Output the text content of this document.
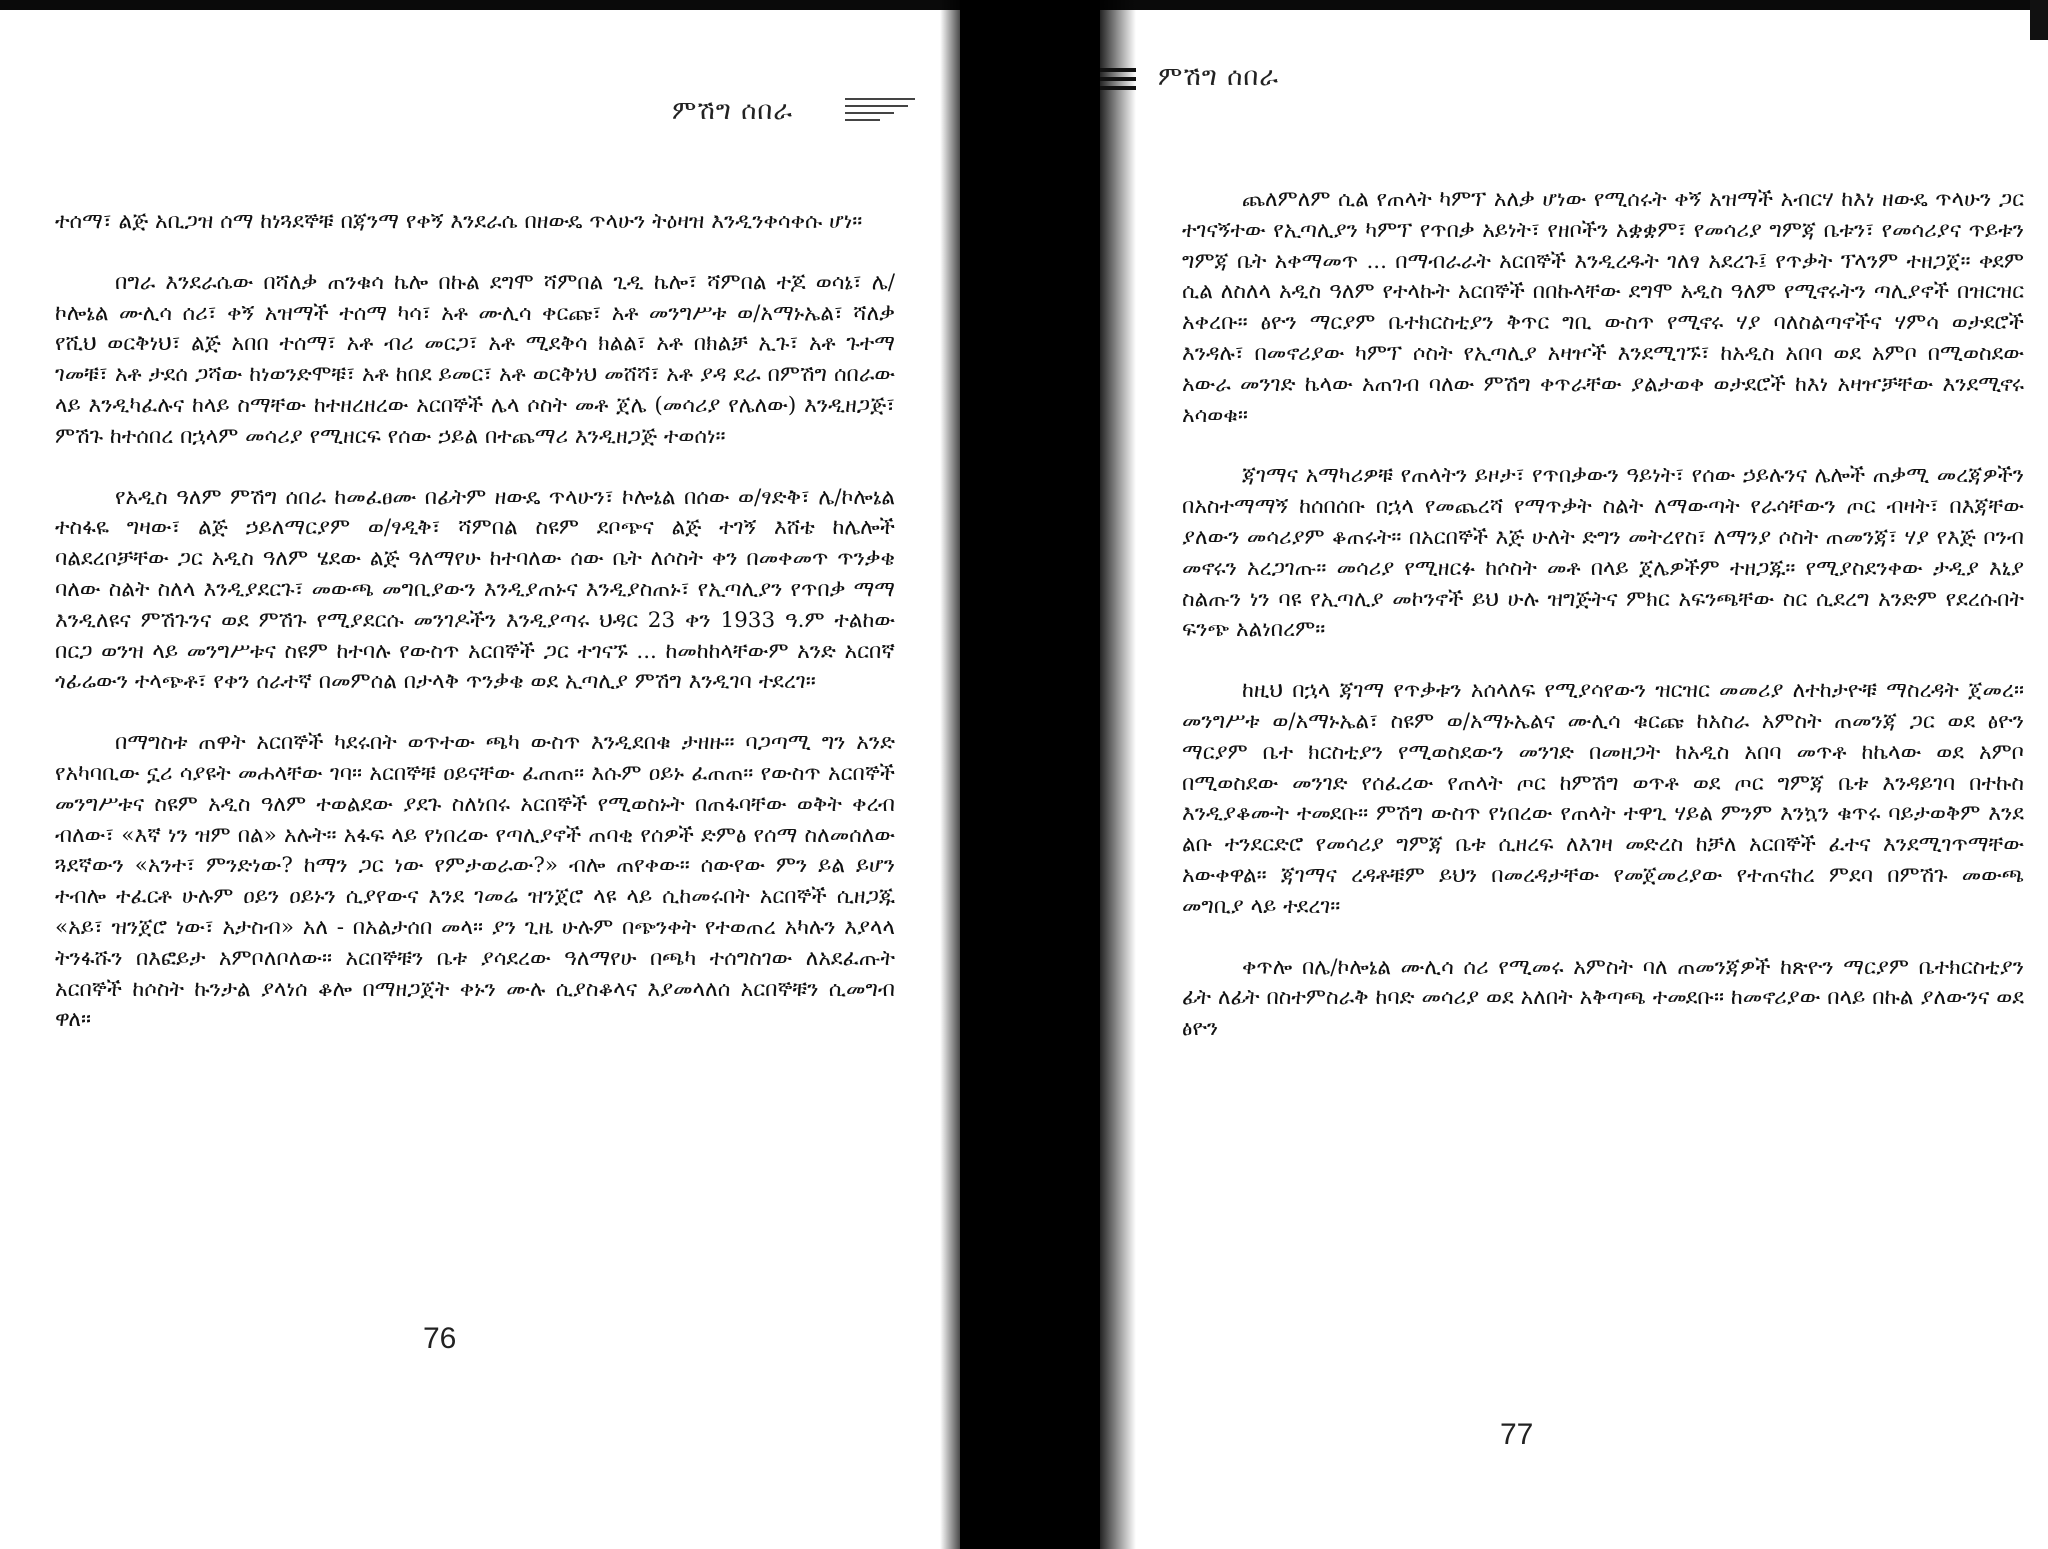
ምሽግ ሰበራ

ተሰማ፣ ልጅ አቢጋዝ ሰማ ከነጓደኞቹ በጃንማ የቀኝ እንደራሴ በዘውዴ ጥላሁን ትዕዛዝ እንዲንቀሳቀሱ ሆነ።

በግራ እንደራሴው በሻለቃ ጠንቁሳ ኬሎ በኩል ደግሞ ሻምበል ጊዲ ኬሎ፣ ሻምበል ተጆ ወሳኔ፣ ሌ/ኮሎኔል ሙሊሳ ሰሪ፣ ቀኝ አዝማች ተሰማ ካሳ፣ አቶ ሙሊሳ ቀርጩ፣ አቶ መንግሥቱ ወ/አማኑኤል፣ ሻለቃ የሺህ ወርቅነህ፣ ልጅ አበበ ተሰማ፣ አቶ ብሪ መርጋ፣ አቶ ሚደቅሳ ክልል፣ አቶ በክልቻ ኢጉ፣ አቶ ጉተማ ገመቹ፣ አቶ ታደሰ ጋሻው ከነወንድሞቹ፣ አቶ ከበደ ይመር፣ አቶ ወርቅነህ መሸሻ፣ አቶ ያዳ ደራ በምሽግ ሰበራው ላይ እንዲካፈሉና ከላይ ስማቸው ከተዘረዘረው አርበኞች ሌላ ሶስት መቶ ጀሌ (መሳሪያ የሌለው) እንዲዘጋጅ፣ ምሽጉ ከተሰበረ በኋላም መሳሪያ የሚዘርፍ የሰው ኃይል በተጨማሪ እንዲዘጋጅ ተወሰነ።

የአዲስ ዓለም ምሽግ ሰበራ ከመፈፀሙ በፊትም ዘውዴ ጥላሁን፣ ኮሎኔል በሰው ወ/ፃድቅ፣ ሌ/ኮሎኔል ተስፋዬ ግዛው፣ ልጅ ኃይለማርያም ወ/ፃዲቅ፣ ሻምበል ስዩም ደቦጭና ልጅ ተገኝ እሸቴ ከሌሎች ባልደረቦቻቸው ጋር አዲስ ዓለም ሄደው ልጅ ዓለማየሁ ከተባለው ሰው ቤት ለሶስት ቀን በመቀመጥ ጥንቃቄ ባለው ስልት ስለላ እንዲያደርጉ፣ መውጫ መግቢያውን እንዲያጠኑና እንዲያስጠኑ፣ የኢጣሊያን የጥበቃ ማማ እንዲለዩና ምሽጉንና ወደ ምሽጉ የሚያደርሱ መንገዶችን እንዲያጣሩ ህዳር 23 ቀን 1933 ዓ.ም ተልከው በርጋ ወንዝ ላይ መንግሥቱና ስዩም ከተባሉ የውስጥ አርበኞች ጋር ተገናኙ ... ከመከከላቸውም አንድ አርበኛ ጎፊሬውን ተላጭቶ፣ የቀን ሰራተኛ በመምሰል በታላቅ ጥንቃቄ ወደ ኢጣሊያ ምሽግ እንዲገባ ተደረገ።

በማግስቱ ጠዋት አርበኞች ካደሩበት ወጥተው ጫካ ውስጥ እንዲደበቁ ታዘዙ። ባጋጣሚ ግን አንድ የአካባቢው ኗሪ ሳያዩት መሐላቸው ገባ። አርበኞቹ ዐይናቸው ፈጠጠ። እሱም ዐይኑ ፈጠጠ። የውስጥ አርበኞች መንግሥቱና ስዩም አዲስ ዓለም ተወልደው ያደጉ ስለነበሩ አርበኞች የሚወስኑት በጠፋባቸው ወቅት ቀረብ ብለው፣ «እኛ ነን ዝም በል» አሉት። አፋፍ ላይ የነበረው የጣሊያኖች ጠባቂ የሰዎች ድምፅ የሰማ ስለመሰለው ጓደኛውን «አንተ፣ ምንድነው? ከማን ጋር ነው የምታወራው?» ብሎ ጠየቀው። ሰውየው ምን ይል ይሆን ተብሎ ተፈርቶ ሁሉም ዐይን ዐይኑን ሲያየውና እንደ ገመሬ ዝንጀሮ ላዩ ላይ ሲከመሩበት አርበኞች ሲዘጋጁ «አይ፣ ዝንጀሮ ነው፣ አታስብ» አለ - በአልታሰበ መላ። ያን ጊዜ ሁሉም በጭንቀት የተወጠረ አካሉን እያላላ ትንፋሹን በእፎይታ አምቦለቦለው። አርበኞቹን ቤቱ ያሳደረው ዓለማየሁ በጫካ ተሰግስገው ለአደፈጡት አርበኞች ከሶስት ኩንታል ያላነሰ ቆሎ በማዘጋጀት ቀኑን ሙሉ ሲያስቆላና እያመላለሰ አርበኞቹን ሲመግብ ዋለ።

76
ምሽግ ሰበራ

ጨለምለም ሲል የጠላት ካምፕ አለቃ ሆነው የሚሰሩት ቀኝ አዝማች አብርሃ ከእነ ዘውዴ ጥላሁን ጋር ተገናኝተው የኢጣሊያን ካምፕ የጥበቃ አይነት፣ የዘቦችን አቋቋም፣ የመሳሪያ ግምጃ ቤቱን፣ የመሳሪያና ጥይቱን ግምጃ ቤት አቀማመጥ ... በማብራራት አርበኞች እንዲረዱት ገለፃ አደረጉ፤ የጥቃት ፕላንም ተዘጋጀ። ቀደም ሲል ለስለላ አዲስ ዓለም የተላኩት አርበኞች በበኩላቸው ደግሞ አዲስ ዓለም የሚኖሩትን ጣሊያኖች በዝርዝር አቀረቡ። ፅዮን ማርያም ቤተክርስቲያን ቅጥር ግቢ ውስጥ የሚኖሩ ሃያ ባለስልጣኖችና ሃምሳ ወታደሮች እንዳሉ፣ በመኖሪያው ካምፕ ሶስት የኢጣሊያ አዛዦች እንደሚገኙ፣ ከአዲስ አበባ ወደ አምቦ በሚወስደው አውራ መንገድ ኬላው አጠገብ ባለው ምሽግ ቀጥራቸው ያልታወቀ ወታደሮች ከእነ አዛዦቻቸው እንደሚኖሩ አሳወቁ።

ጃገማና አማካሪዎቹ የጠላትን ይዞታ፣ የጥበቃውን ዓይነት፣ የሰው ኃይሉንና ሌሎች ጠቃሚ መረጃዎችን በአስተማማኝ ከሰበሰቡ በኋላ የመጨረሻ የማጥቃት ስልት ለማውጣት የራሳቸውን ጦር ብዛት፣ በእጃቸው ያለውን መሳሪያም ቆጠሩት። በአርበኞች እጅ ሁለት ድግን መትረየስ፣ ለማንያ ሶስት ጠመንጃ፣ ሃያ የእጅ ቦንብ መኖሩን አረጋገጡ። መሳሪያ የሚዘርፉ ከሶስት መቶ በላይ ጀሌዎችም ተዘጋጁ። የሚያስደንቀው ታዲያ እኒያ ስልጡን ነን ባዩ የኢጣሊያ መኮንኖች ይህ ሁሉ ዝግጅትና ምክር አፍንጫቸው ስር ሲደረግ አንድም የደረሱበት ፍንጭ አልነበረም።

ከዚህ በኋላ ጃገማ የጥቃቱን አሰላለፍ የሚያሳየውን ዝርዝር መመሪያ ለተከታዮቹ ማስረዳት ጀመረ። መንግሥቱ ወ/አማኑኤል፣ ስዩም ወ/አማኑኤልና ሙሊሳ ቁርጩ ከአስራ አምስት ጠመንጃ ጋር ወደ ፅዮን ማርያም ቤተ ክርስቲያን የሚወስደውን መንገድ በመዘጋት ከአዲስ አበባ መጥቶ ከኬላው ወደ አምቦ በሚወስደው መንገድ የሰፈረው የጠላት ጦር ከምሽግ ወጥቶ ወደ ጦር ግምጃ ቤቱ እንዳይገባ በተኩስ እንዲያቆሙት ተመደቡ። ምሽግ ውስጥ የነበረው የጠላት ተዋጊ ሃይል ምንም እንኳን ቁጥሩ ባይታወቅም እንደ ልቡ ተንደርድሮ የመሳሪያ ግምጃ ቤቱ ሲዘረፍ ለእገዛ መድረስ ከቻለ አርበኞች ፈተና እንደሚገጥማቸው አውቀዋል። ጃገማና ረዳቶቹም ይህን በመረዳታቸው የመጀመሪያው የተጠናከረ ምደባ በምሽጉ መውጫ መግቢያ ላይ ተደረገ።

ቀጥሎ በሌ/ኮሎኔል ሙሊሳ ሰሪ የሚመሩ አምስት ባለ ጠመንጃዎች ከጽዮን ማርያም ቤተክርስቲያን ፊት ለፊት በስተምስራቅ ከባድ መሳሪያ ወደ አለበት አቅጣጫ ተመደቡ። ከመኖሪያው በላይ በኩል ያለውንና ወደ ፅዮን

77
